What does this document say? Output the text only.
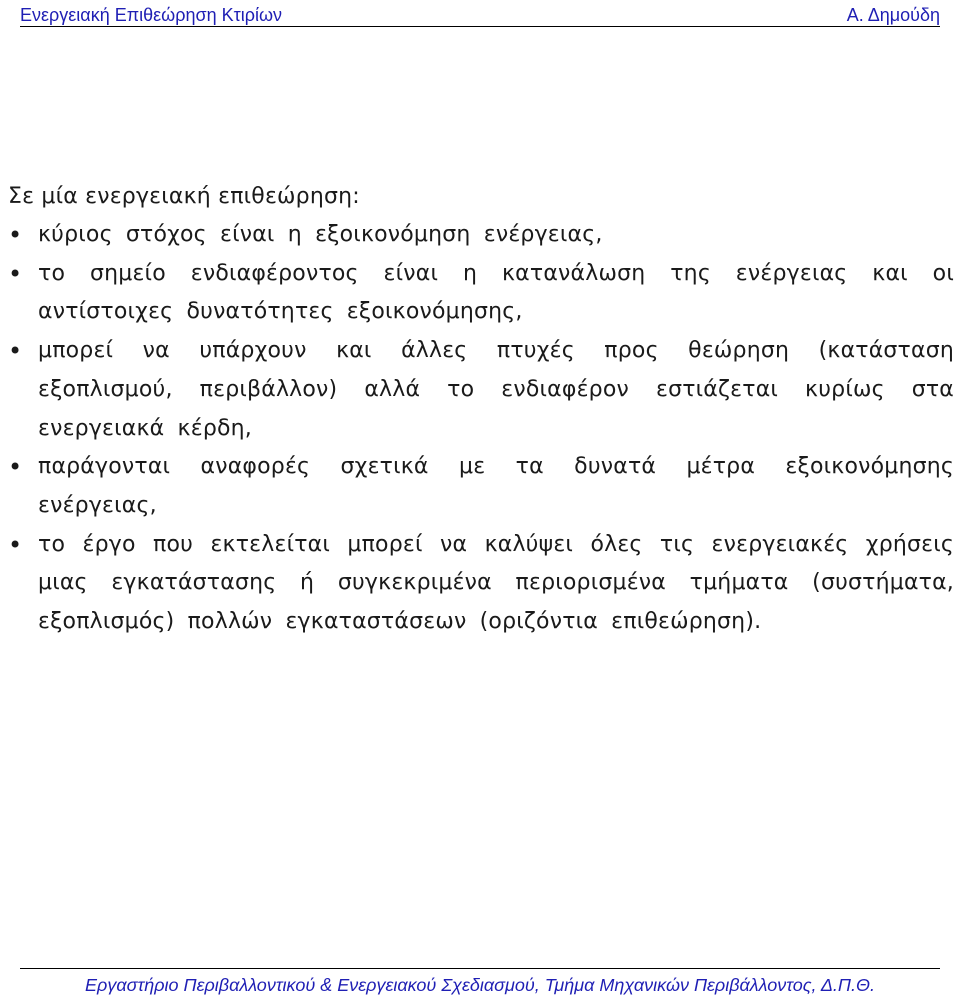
Ενεργειακή Επιθεώρηση Κτιρίων	Α. Δημούδη

Σε μία ενεργειακή επιθεώρηση:

• κύριος στόχος είναι η εξοικονόμηση ενέργειας,
• το σημείο ενδιαφέροντος είναι η κατανάλωση της ενέργειας και οι αντίστοιχες δυνατότητες εξοικονόμησης,
• μπορεί να υπάρχουν και άλλες πτυχές προς θεώρηση (κατάσταση εξοπλισμού, περιβάλλον) αλλά το ενδιαφέρον εστιάζεται κυρίως στα ενεργειακά κέρδη,
• παράγονται αναφορές σχετικά με τα δυνατά μέτρα εξοικονόμησης ενέργειας,
• το έργο που εκτελείται μπορεί να καλύψει όλες τις ενεργειακές χρήσεις μιας εγκατάστασης ή συγκεκριμένα περιορισμένα τμήματα (συστήματα, εξοπλισμός) πολλών εγκαταστάσεων (οριζόντια επιθεώρηση).
Εργαστήριο Περιβαλλοντικού & Ενεργειακού Σχεδιασμού, Τμήμα Μηχανικών Περιβάλλοντος, Δ.Π.Θ.
